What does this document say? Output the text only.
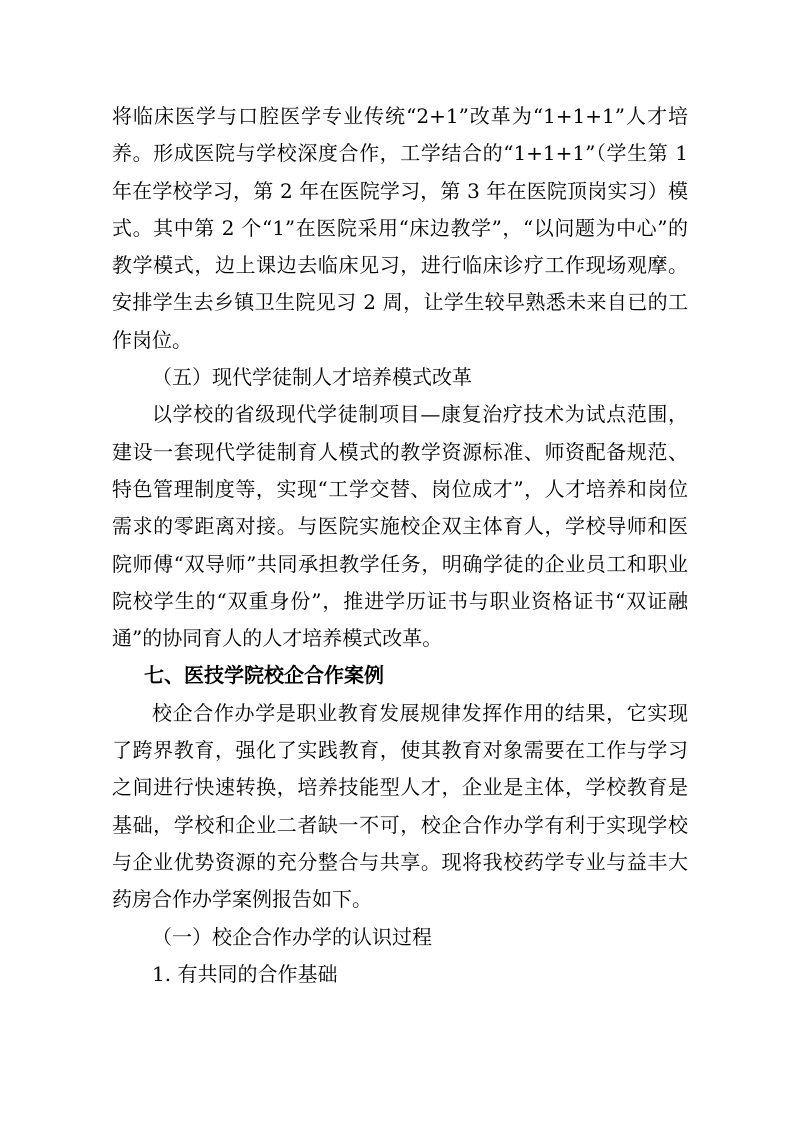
将临床医学与口腔医学专业传统“2+1”改革为“1+1+1”人才培养。形成医院与学校深度合作，工学结合的“1+1+1”（学生第 1 年在学校学习，第 2 年在医院学习，第 3 年在医院顶岗实习）模式。其中第 2 个“1”在医院采用“床边教学”，“以问题为中心”的教学模式，边上课边去临床见习，进行临床诊疗工作现场观摩。安排学生去乡镇卫生院见习 2 周，让学生较早熟悉未来自已的工作岗位。

（五）现代学徒制人才培养模式改革

以学校的省级现代学徒制项目—康复治疗技术为试点范围，建设一套现代学徒制育人模式的教学资源标准、师资配备规范、特色管理制度等，实现“工学交替、岗位成才”，人才培养和岗位需求的零距离对接。与医院实施校企双主体育人，学校导师和医院师傅“双导师”共同承担教学任务，明确学徒的企业员工和职业院校学生的“双重身份”，推进学历证书与职业资格证书“双证融通”的协同育人的人才培养模式改革。

七、医技学院校企合作案例

校企合作办学是职业教育发展规律发挥作用的结果，它实现了跨界教育，强化了实践教育，使其教育对象需要在工作与学习之间进行快速转换，培养技能型人才，企业是主体，学校教育是基础，学校和企业二者缺一不可，校企合作办学有利于实现学校与企业优势资源的充分整合与共享。现将我校药学专业与益丰大药房合作办学案例报告如下。

（一）校企合作办学的认识过程

1. 有共同的合作基础
